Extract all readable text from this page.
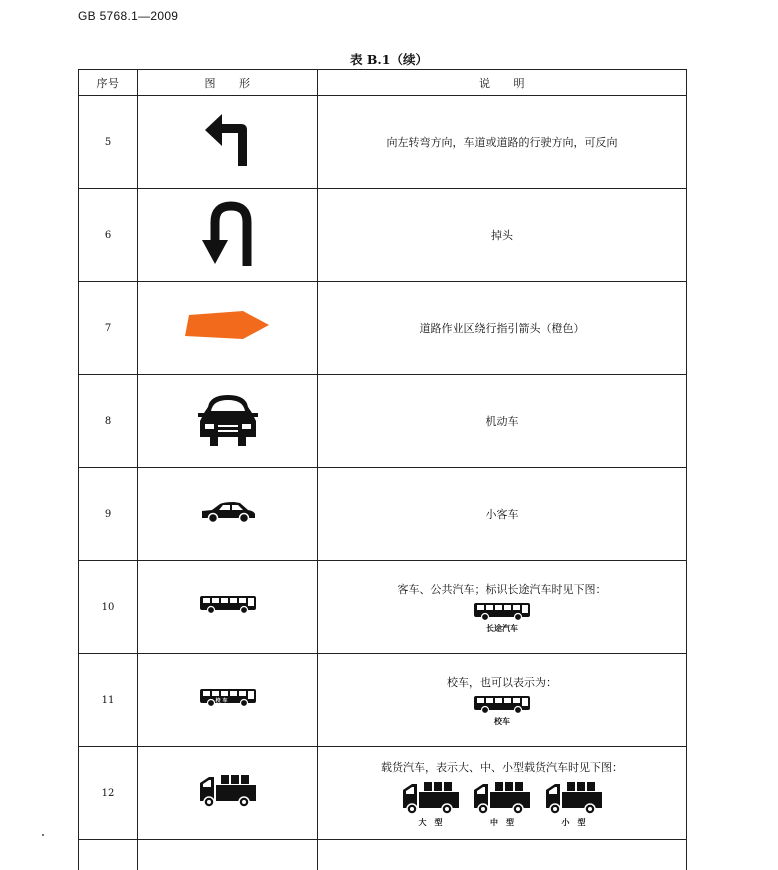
GB 5768.1—2009
表 B.1（续）
序号	图　　形	说　　明
5		向左转弯方向，车道或道路的行驶方向，可反向
6		掉头
7		道路作业区绕行指引箭头（橙色）
8		机动车
9		小客车
10		客车、公共汽车；标识长途汽车时见下图：
长途汽车

11	校车	校车，也可以表示为：
校车

12		载货汽车，表示大、中、小型载货汽车时见下图：
大　型
中　型
小　型
